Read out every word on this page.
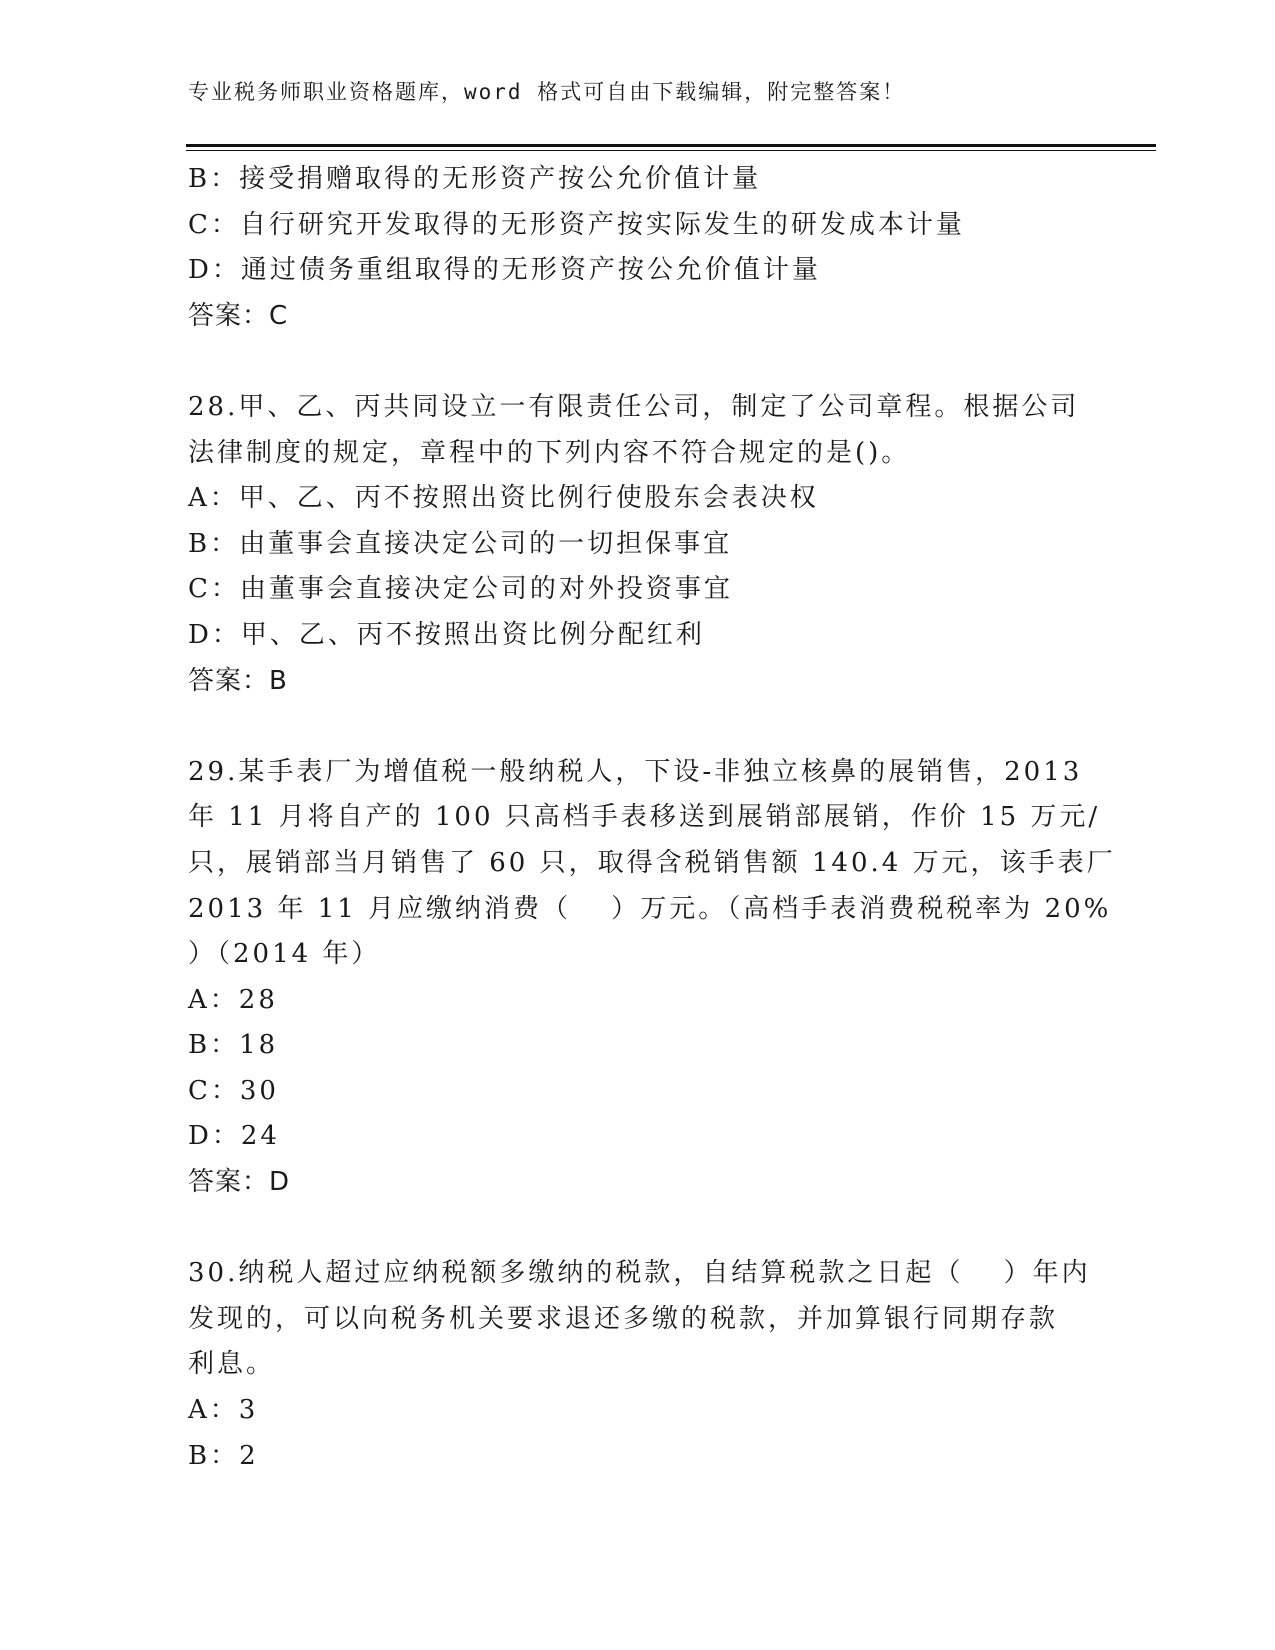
专业税务师职业资格题库，word 格式可自由下载编辑，附完整答案！
B：接受捐赠取得的无形资产按公允价值计量
C：自行研究开发取得的无形资产按实际发生的研发成本计量
D：通过债务重组取得的无形资产按公允价值计量
答案：C
28.甲、乙、丙共同设立一有限责任公司，制定了公司章程。根据公司
法律制度的规定，章程中的下列内容不符合规定的是()。
A：甲、乙、丙不按照出资比例行使股东会表决权
B：由董事会直接决定公司的一切担保事宜
C：由董事会直接决定公司的对外投资事宜
D：甲、乙、丙不按照出资比例分配红利
答案：B
29.某手表厂为增值税一般纳税人，下设-非独立核鼻的展销售，2013
年 11 月将自产的 100 只高档手表移送到展销部展销，作价 15 万元/
只，展销部当月销售了 60 只，取得含税销售额 140.4 万元，该手表厂
2013 年 11 月应缴纳消费（　 ）万元。（高档手表消费税税率为 20%
）（2014 年）
A：28
B：18
C：30
D：24
答案：D
30.纳税人超过应纳税额多缴纳的税款，自结算税款之日起（　 ）年内
发现的，可以向税务机关要求退还多缴的税款，并加算银行同期存款
利息。
A：3
B：2
